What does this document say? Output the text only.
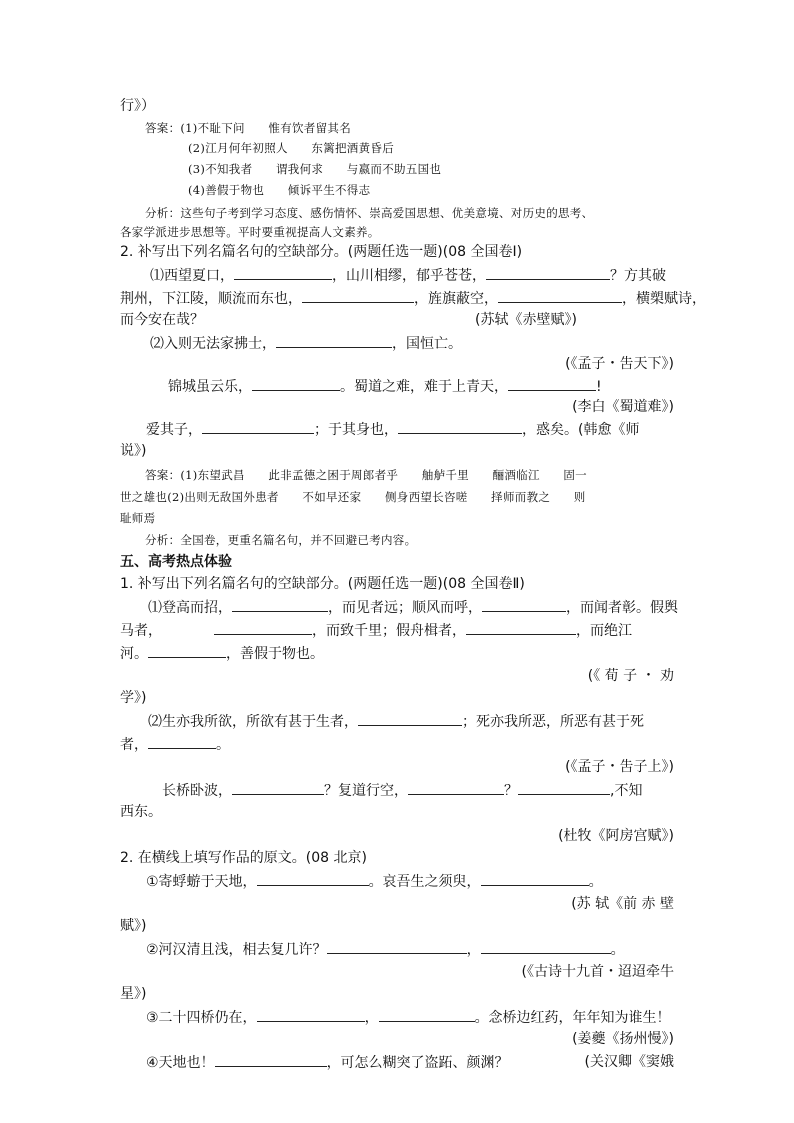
行》）
答案：(1)不耻下问　　惟有饮者留其名
(2)江月何年初照人　　东篱把酒黄昏后
(3)不知我者　　谓我何求　　与嬴而不助五国也
(4)善假于物也　　倾诉平生不得志
分析：这些句子考到学习态度、感伤情怀、崇高爱国思想、优美意境、对历史的思考、
各家学派进步思想等。平时要重视提高人文素养。
2. 补写出下列名篇名句的空缺部分。(两题任选一题)(08 全国卷Ⅰ)
⑴西望夏口，	，山川相缪，郁乎苍苍，	？方其破
荆州，下江陵，顺流而东也，	，旌旗蔽空，	，横槊赋诗，
而今安在哉？	(苏轼《赤壁赋》)
⑵入则无法家拂士，	，国恒亡。
(《孟子・吿天下》)
锦城虽云乐，	。蜀道之难，难于上青天，	!
(李白《蜀道难》)
爱其子，	；于其身也，	，惑矣。(韩愈《师
说》)
答案：(1)东望武昌　　此非孟德之困于周郎者乎　　舳舻千里　　酾酒临江　　固一
世之雄也(2)出则无敌国外患者　　不如早还家　　侧身西望长咨嗟　　择师而教之　　则
耻师焉
分析：全国卷，更重名篇名句，并不回避已考内容。
五、高考热点体验
1. 补写出下列名篇名句的空缺部分。(两题任选一题)(08 全国卷Ⅱ)
⑴登高而招，	，而见者远；顺风而呼，	，而闻者彰。假舆
马者，	，而致千里；假舟楫者，	，而绝江
河。	，善假于物也。
(《 荀 子 ・ 劝
学》)
⑵生亦我所欲，所欲有甚于生者，	；死亦我所恶，所恶有甚于死
者，	。
(《孟子・吿子上》)
长桥卧波，	？复道行空，	？	,不知
西东。
(杜牧《阿房宫赋》)
2. 在横线上填写作品的原文。(08 北京)
①寄蜉蝣于天地，	。哀吾生之须臾，	。
(苏 轼《前 赤 壁
赋》)
②河汉清且浅，相去复几许？	，	。
(《古诗十九首・迢迢牵牛
星》)
③二十四桥仍在，	，	。念桥边红药，年年知为谁生！
(姜夔《扬州慢》)
④天地也！	，可怎么糊突了盗跖、颜渊？	(关汉卿《窦娥
